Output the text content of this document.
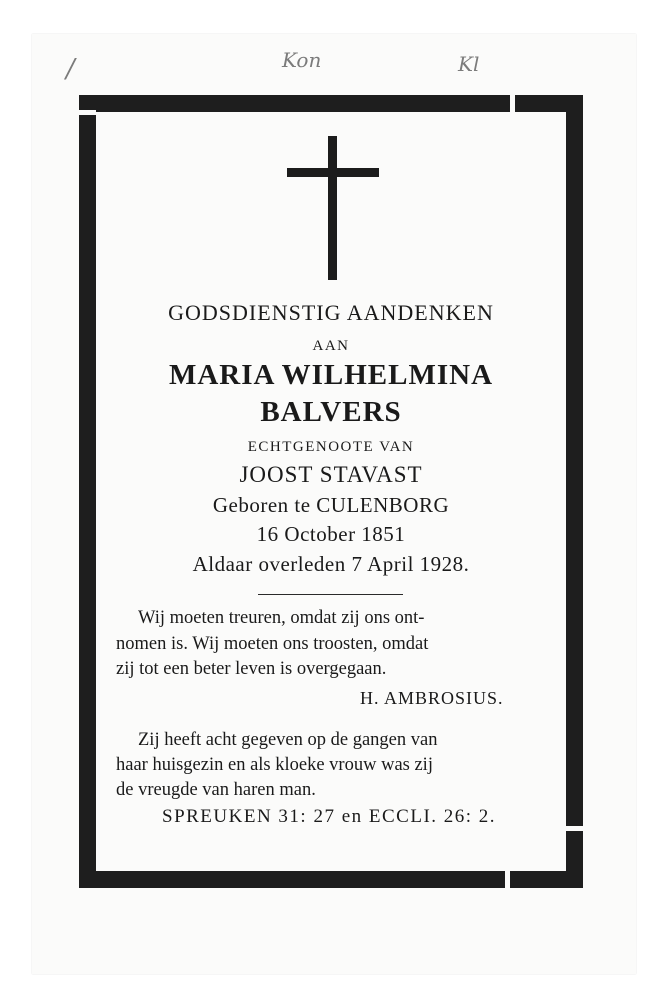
/	Kon	Kl
GODSDIENSTIG AANDENKEN
AAN
MARIA WILHELMINA
BALVERS
ECHTGENOOTE VAN
JOOST STAVAST
Geboren te CULENBORG
16 October 1851
Aldaar overleden 7 April 1928.
Wij moeten treuren, omdat zij ons ont-
nomen is. Wij moeten ons troosten, omdat
zij tot een beter leven is overgegaan.
H. AMBROSIUS.
Zij heeft acht gegeven op de gangen van
haar huisgezin en als kloeke vrouw was zij
de vreugde van haren man.
SPREUKEN 31: 27 en ECCLI. 26: 2.
